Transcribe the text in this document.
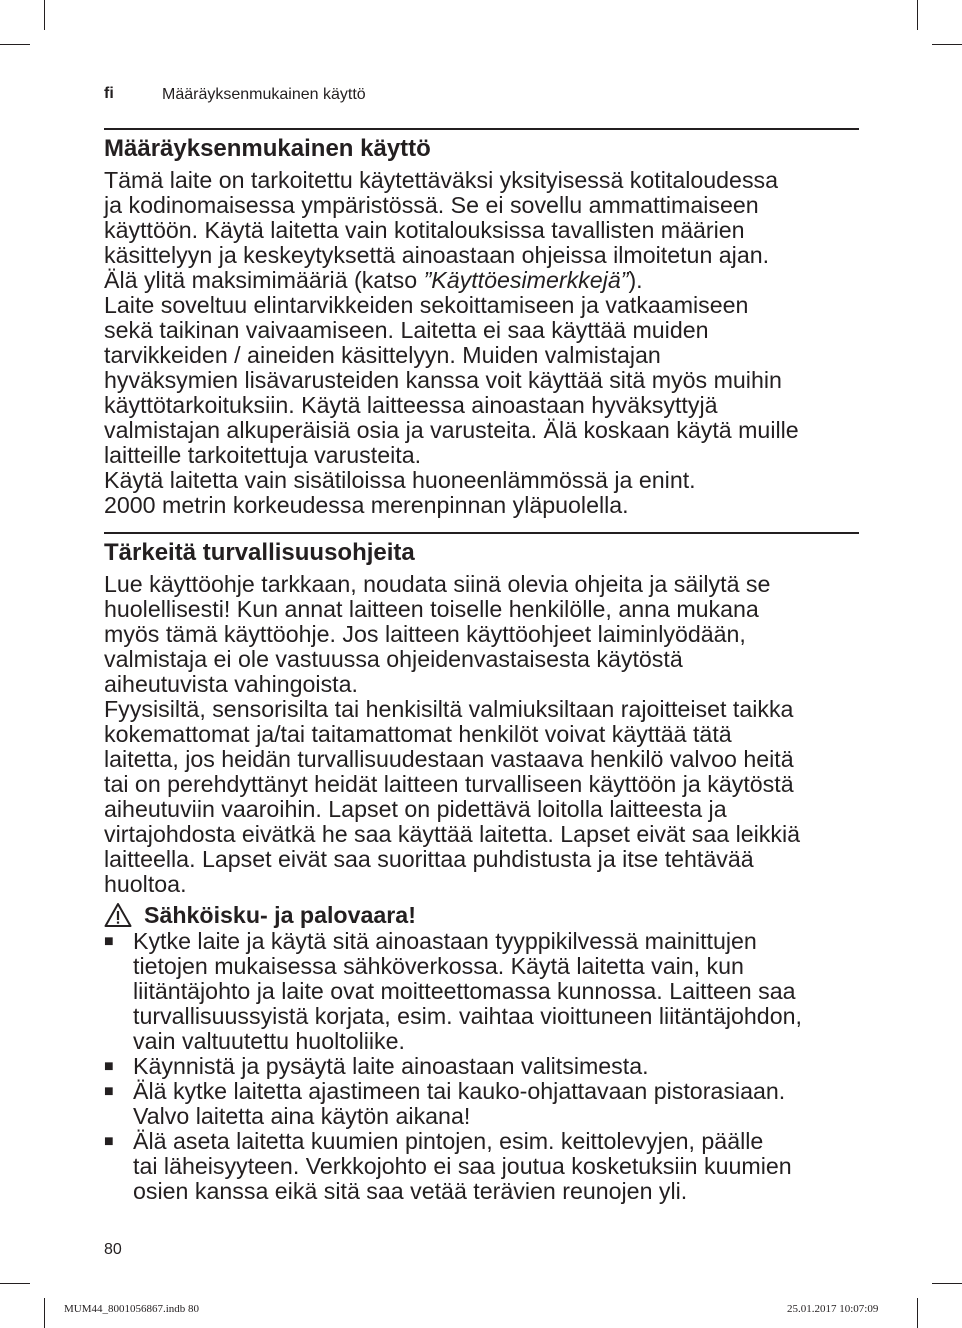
fi	Määräyksenmukainen käyttö
Määräyksenmukainen käyttö

Tämä laite on tarkoitettu käytettäväksi yksityisessä kotitaloudessa

ja kodinomaisessa ympäristössä. Se ei sovellu ammattimaiseen

käyttöön. Käytä laitetta vain kotitalouksissa tavallisten määrien

käsittelyyn ja keskeytyksettä ainoastaan ohjeissa ilmoitetun ajan.

Älä ylitä maksimimääriä (katso ”Käyttöesimerkkejä”).

Laite soveltuu elintarvikkeiden sekoittamiseen ja vatkaamiseen

sekä taikinan vaivaamiseen. Laitetta ei saa käyttää muiden

tarvikkeiden / aineiden käsittelyyn. Muiden valmistajan

hyväksymien lisävarusteiden kanssa voit käyttää sitä myös muihin

käyttötarkoituksiin. Käytä laitteessa ainoastaan hyväksyttyjä

valmistajan alkuperäisiä osia ja varusteita. Älä koskaan käytä muille

laitteille tarkoitettuja varusteita.

Käytä laitetta vain sisätiloissa huoneenlämmössä ja enint.

2000 metrin korkeudessa merenpinnan yläpuolella.

Tärkeitä turvallisuusohjeita

Lue käyttöohje tarkkaan, noudata siinä olevia ohjeita ja säilytä se

huolellisesti! Kun annat laitteen toiselle henkilölle, anna mukana

myös tämä käyttöohje. Jos laitteen käyttöohjeet laiminlyödään,

valmistaja ei ole vastuussa ohjeidenvastaisesta käytöstä

aiheutuvista vahingoista.

Fyysisiltä, sensorisilta tai henkisiltä valmiuksiltaan rajoitteiset taikka

kokemattomat ja/tai taitamattomat henkilöt voivat käyttää tätä

laitetta, jos heidän turvallisuudestaan vastaava henkilö valvoo heitä

tai on perehdyttänyt heidät laitteen turvalliseen käyttöön ja käytöstä

aiheutuviin vaaroihin. Lapset on pidettävä loitolla laitteesta ja

virtajohdosta eivätkä he saa käyttää laitetta. Lapset eivät saa leikkiä

laitteella. Lapset eivät saa suorittaa puhdistusta ja itse tehtävää

huoltoa.

Sähköisku- ja palovaara!
■ Kytke laite ja käytä sitä ainoastaan tyyppikilvessä mainittujen
tietojen mukaisessa sähköverkossa. Käytä laitetta vain, kun
liitäntäjohto ja laite ovat moitteettomassa kunnossa. Laitteen saa
turvallisuussyistä korjata, esim. vaihtaa vioittuneen liitäntäjohdon,
vain valtuutettu huoltoliike.
■ Käynnistä ja pysäytä laite ainoastaan valitsimesta.
■ Älä kytke laitetta ajastimeen tai kauko-ohjattavaan pistorasiaan.
Valvo laitetta aina käytön aikana!
■ Älä aseta laitetta kuumien pintojen, esim. keittolevyjen, päälle
tai läheisyyteen. Verkkojohto ei saa joutua kosketuksiin kuumien
osien kanssa eikä sitä saa vetää terävien reunojen yli.
80
MUM44_8001056867.indb 80	25.01.2017 10:07:09
